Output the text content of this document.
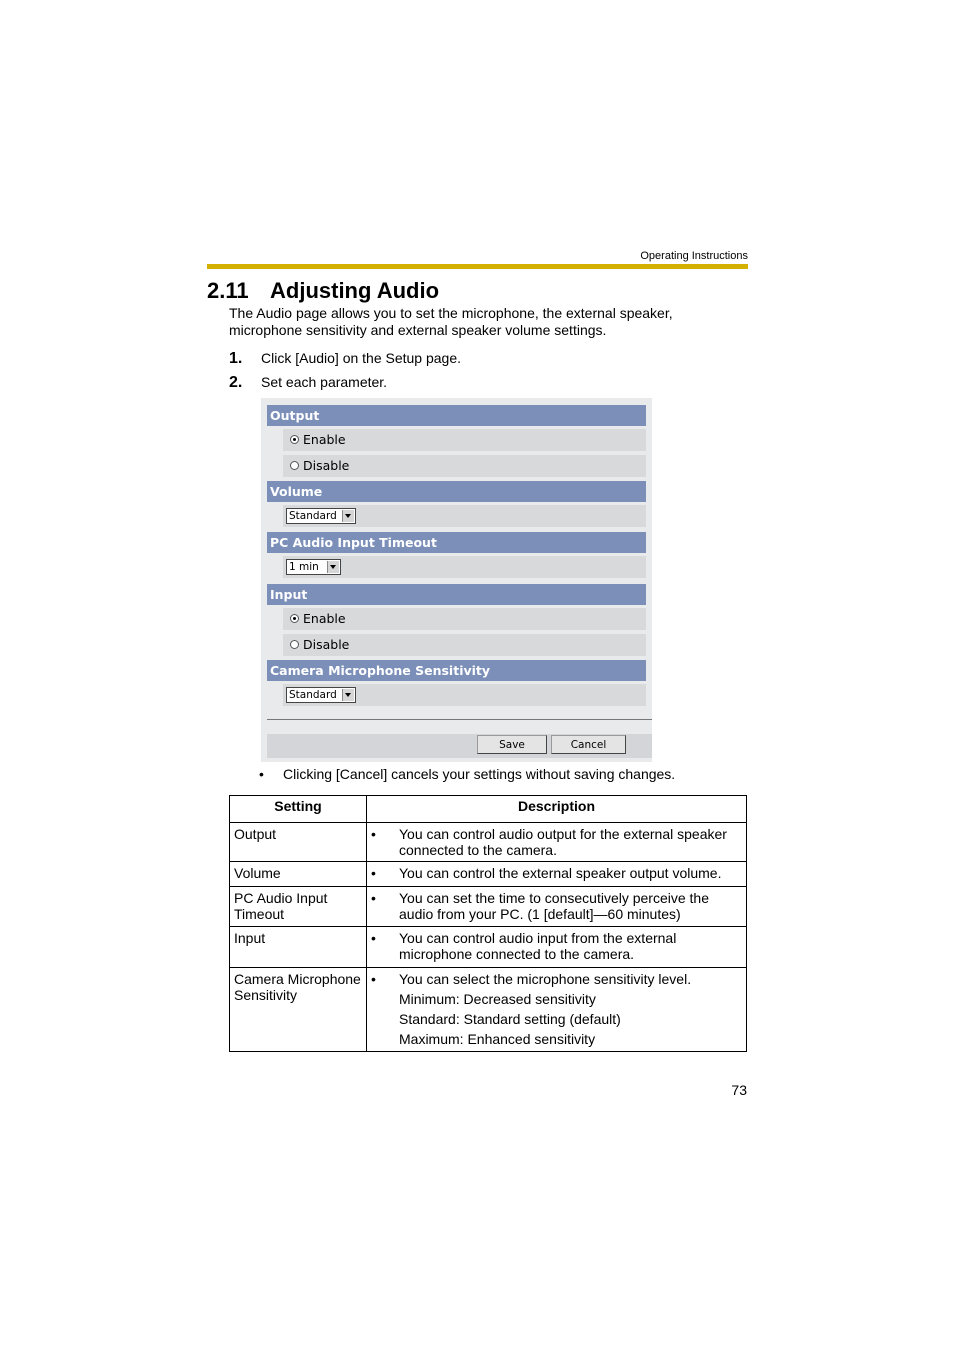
Operating Instructions
2.11 Adjusting Audio
The Audio page allows you to set the microphone, the external speaker, microphone sensitivity and external speaker volume settings.
1. Click [Audio] on the Setup page.
2. Set each parameter.
Output
Enable
Disable
Volume
Standard
PC Audio Input Timeout
1 min
Input
Enable
Disable
Camera Microphone Sensitivity
Standard
Save	Cancel
• Clicking [Cancel] cancels your settings without saving changes.
Setting	Description
Output	• You can control audio output for the external speaker connected to the camera.

Volume	• You can control the external speaker output volume.

PC Audio Input Timeout	• You can set the time to consecutively perceive the audio from your PC. (1 [default]—60 minutes)

Input	• You can control audio input from the external microphone connected to the camera.

Camera Microphone Sensitivity	• You can select the microphone sensitivity level.
Minimum: Decreased sensitivity
Standard: Standard setting (default)
Maximum: Enhanced sensitivity
73
